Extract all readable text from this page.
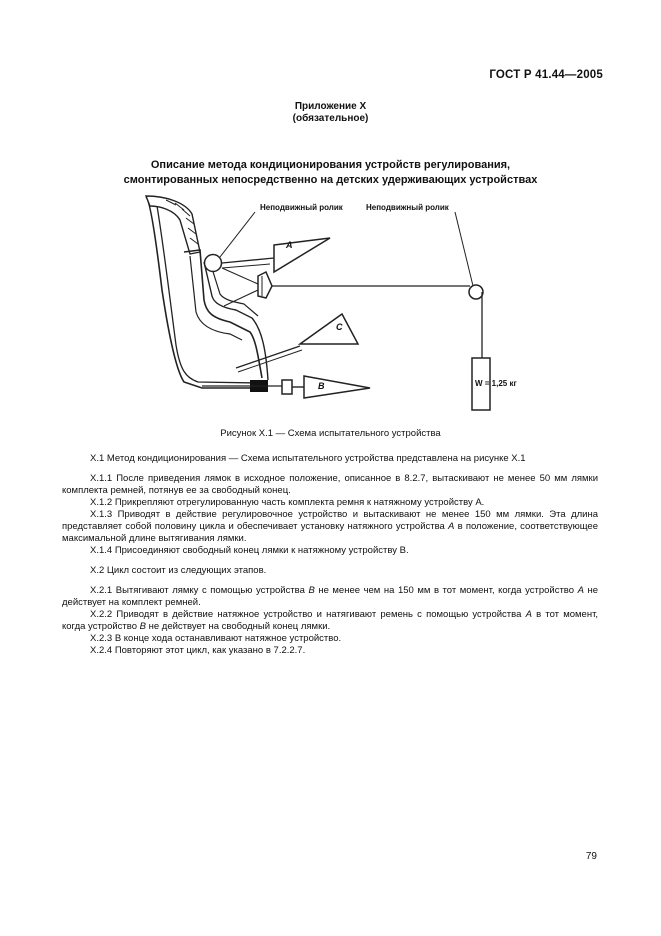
ГОСТ Р 41.44—2005
Приложение Х
(обязательное)
Описание метода кондиционирования устройств регулирования,
смонтированных непосредственно на детских удерживающих устройствах
Неподвижный ролик	Неподвижный ролик
A
C
B	W = 1,25 кг
Рисунок Х.1 — Схема испытательного устройства

Х.1 Метод кондиционирования — Схема испытательного устройства представлена на рисунке Х.1

Х.1.1 После приведения лямок в исходное положение, описанное в 8.2.7, вытаскивают не менее 50 мм лямки комплекта ремней, потянув ее за свободный конец.

Х.1.2 Прикрепляют отрегулированную часть комплекта ремня к натяжному устройству А.

Х.1.3 Приводят в действие регулировочное устройство и вытаскивают не менее 150 мм лямки. Эта длина представляет собой половину цикла и обеспечивает установку натяжного устройства А в положение, соответствующее максимальной длине вытягивания лямки.

Х.1.4 Присоединяют свободный конец лямки к натяжному устройству В.

Х.2 Цикл состоит из следующих этапов.

Х.2.1 Вытягивают лямку с помощью устройства В не менее чем на 150 мм в тот момент, когда устройство А не действует на комплект ремней.

Х.2.2 Приводят в действие натяжное устройство и натягивают ремень с помощью устройства А в тот момент, когда устройство В не действует на свободный конец лямки.

Х.2.3 В конце хода останавливают натяжное устройство.

Х.2.4 Повторяют этот цикл, как указано в 7.2.2.7.

79
